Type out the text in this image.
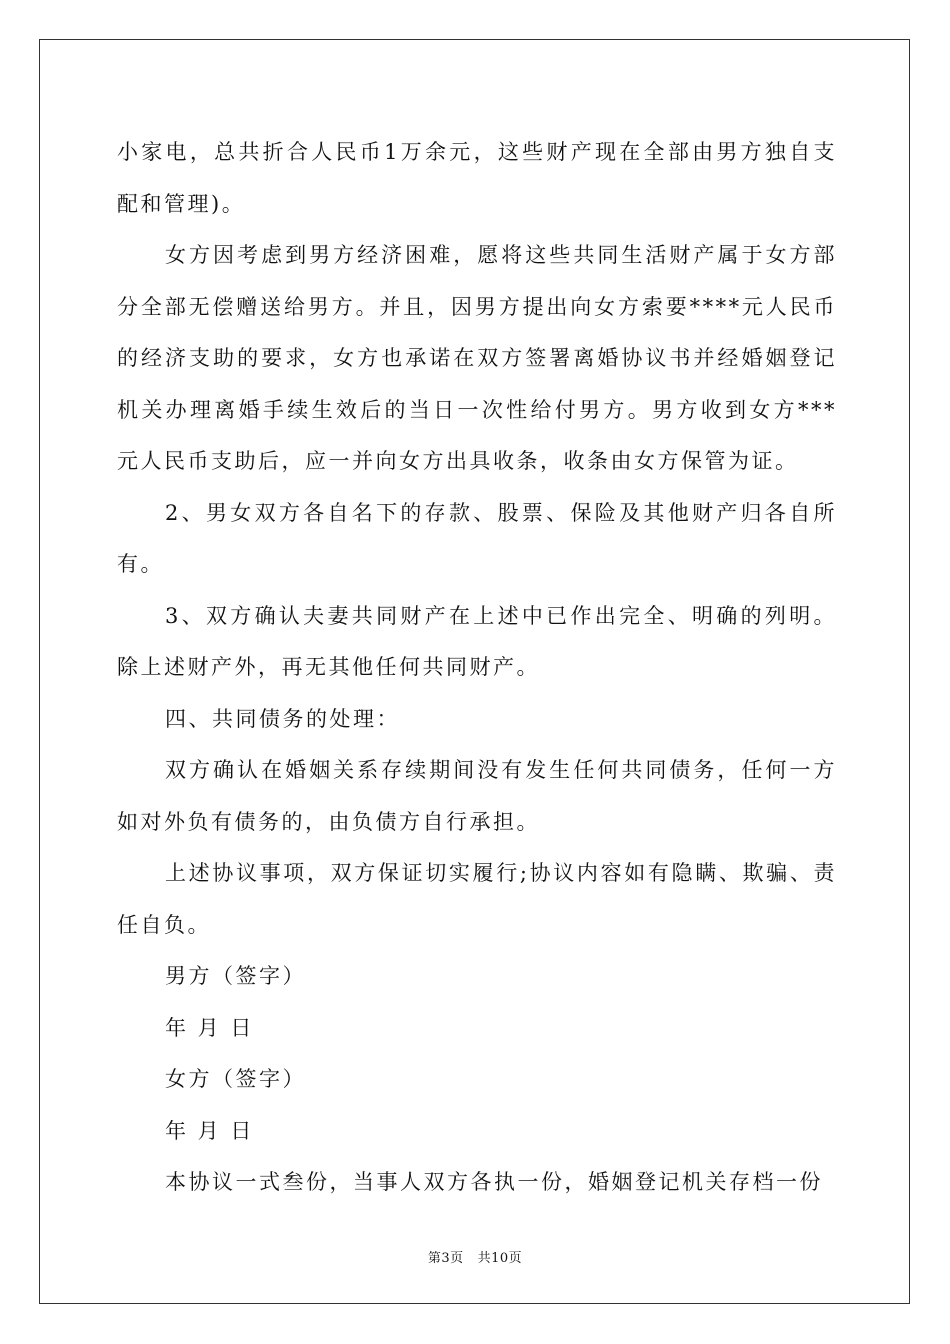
小家电，总共折合人民币1万余元，这些财产现在全部由男方独自支配和管理)。

女方因考虑到男方经济困难，愿将这些共同生活财产属于女方部分全部无偿赠送给男方。并且，因男方提出向女方索要****元人民币的经济支助的要求，女方也承诺在双方签署离婚协议书并经婚姻登记机关办理离婚手续生效后的当日一次性给付男方。男方收到女方***元人民币支助后，应一并向女方出具收条，收条由女方保管为证。

2、男女双方各自名下的存款、股票、保险及其他财产归各自所有。

3、双方确认夫妻共同财产在上述中已作出完全、明确的列明。除上述财产外，再无其他任何共同财产。

四、共同债务的处理：

双方确认在婚姻关系存续期间没有发生任何共同债务，任何一方如对外负有债务的，由负债方自行承担。

上述协议事项，双方保证切实履行;协议内容如有隐瞒、欺骗、责任自负。

男方（签字）

年 月 日

女方（签字）

年 月 日

本协议一式叁份，当事人双方各执一份，婚姻登记机关存档一份

第3页 共10页
